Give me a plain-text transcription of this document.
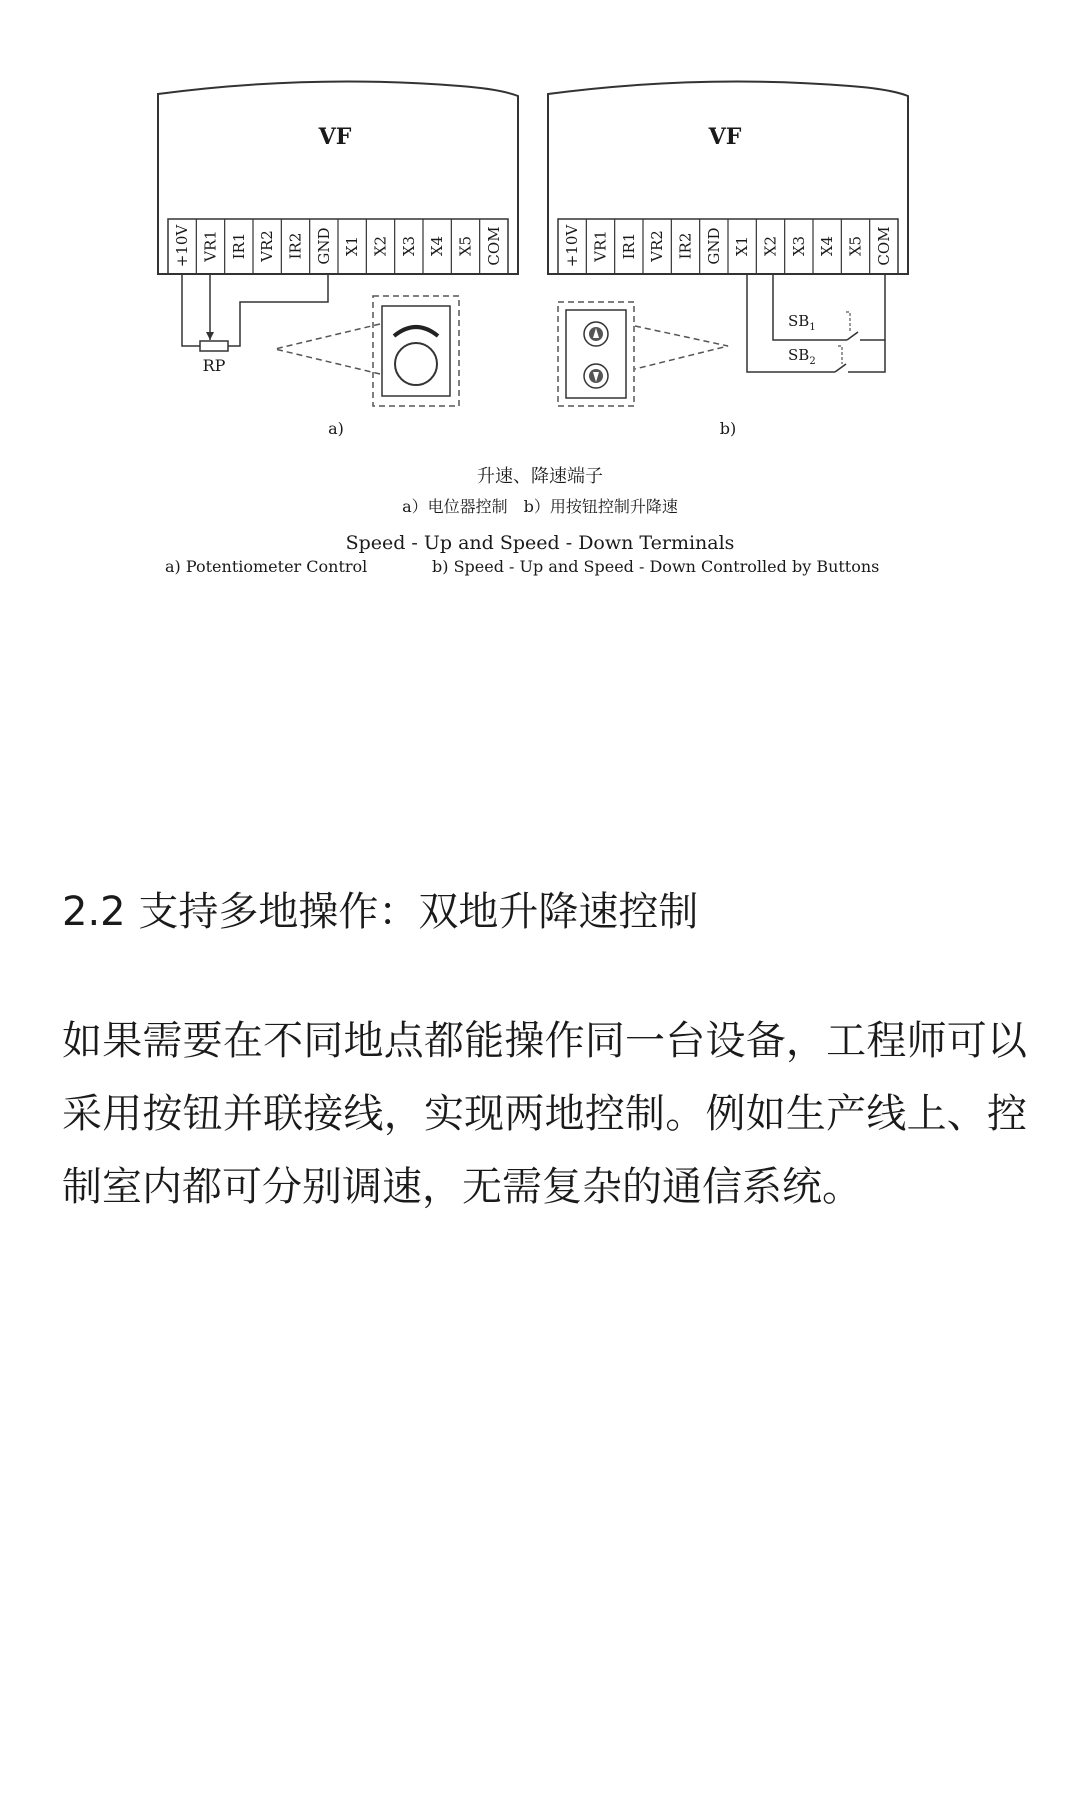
VF
+10V VR1 IR1 VR2 IR2 GND X1 X2 X3 X4 X5 COM
RP
a)
VF
+10V VR1 IR1 VR2 IR2 GND X1 X2 X3 X4 X5 COM
$SB_1$
$SB_2$
b)
升速、降速端子
a）电位器控制　b）用按钮控制升降速
Speed - Up and Speed - Down Terminals
a) Potentiometer Control	b) Speed - Up and Speed - Down Controlled by Buttons
2.2 支持多地操作：双地升降速控制

如果需要在不同地点都能操作同一台设备，工程师可以采用按钮并联接线，实现两地控制。例如生产线上、控制室内都可分别调速，无需复杂的通信系统。
